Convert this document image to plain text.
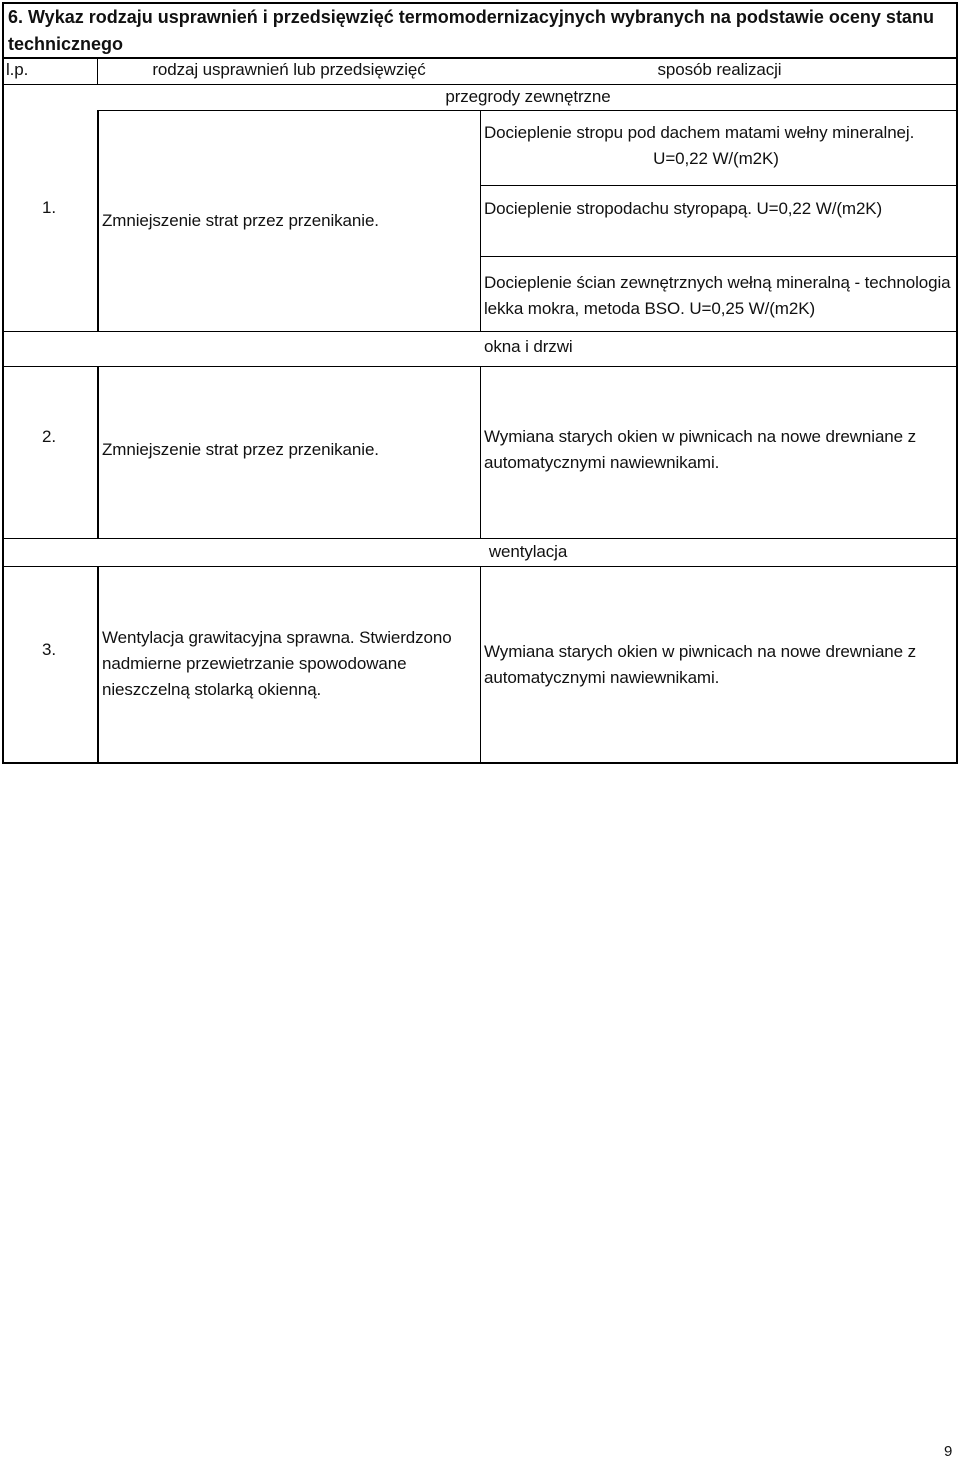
6. Wykaz rodzaju usprawnień i przedsięwzięć termomodernizacyjnych wybranych na podstawie oceny stanu technicznego
l.p.	rodzaj usprawnień lub przedsięwzięć	sposób realizacji
przegrody zewnętrzne
1.
Zmniejszenie strat przez przenikanie.
Docieplenie stropu pod dachem matami wełny mineralnej. U=0,22 W/(m2K)
Docieplenie stropodachu styropapą. U=0,22 W/(m2K)
Docieplenie ścian zewnętrznych wełną mineralną - technologia lekka mokra, metoda BSO. U=0,25 W/(m2K)
okna i drzwi
2.
Zmniejszenie strat przez przenikanie.
Wymiana starych okien w piwnicach na nowe drewniane z automatycznymi nawiewnikami.
wentylacja
3.
Wentylacja grawitacyjna sprawna. Stwierdzono nadmierne przewietrzanie spowodowane nieszczelną stolarką okienną.
Wymiana starych okien w piwnicach na nowe drewniane z automatycznymi nawiewnikami.
9
